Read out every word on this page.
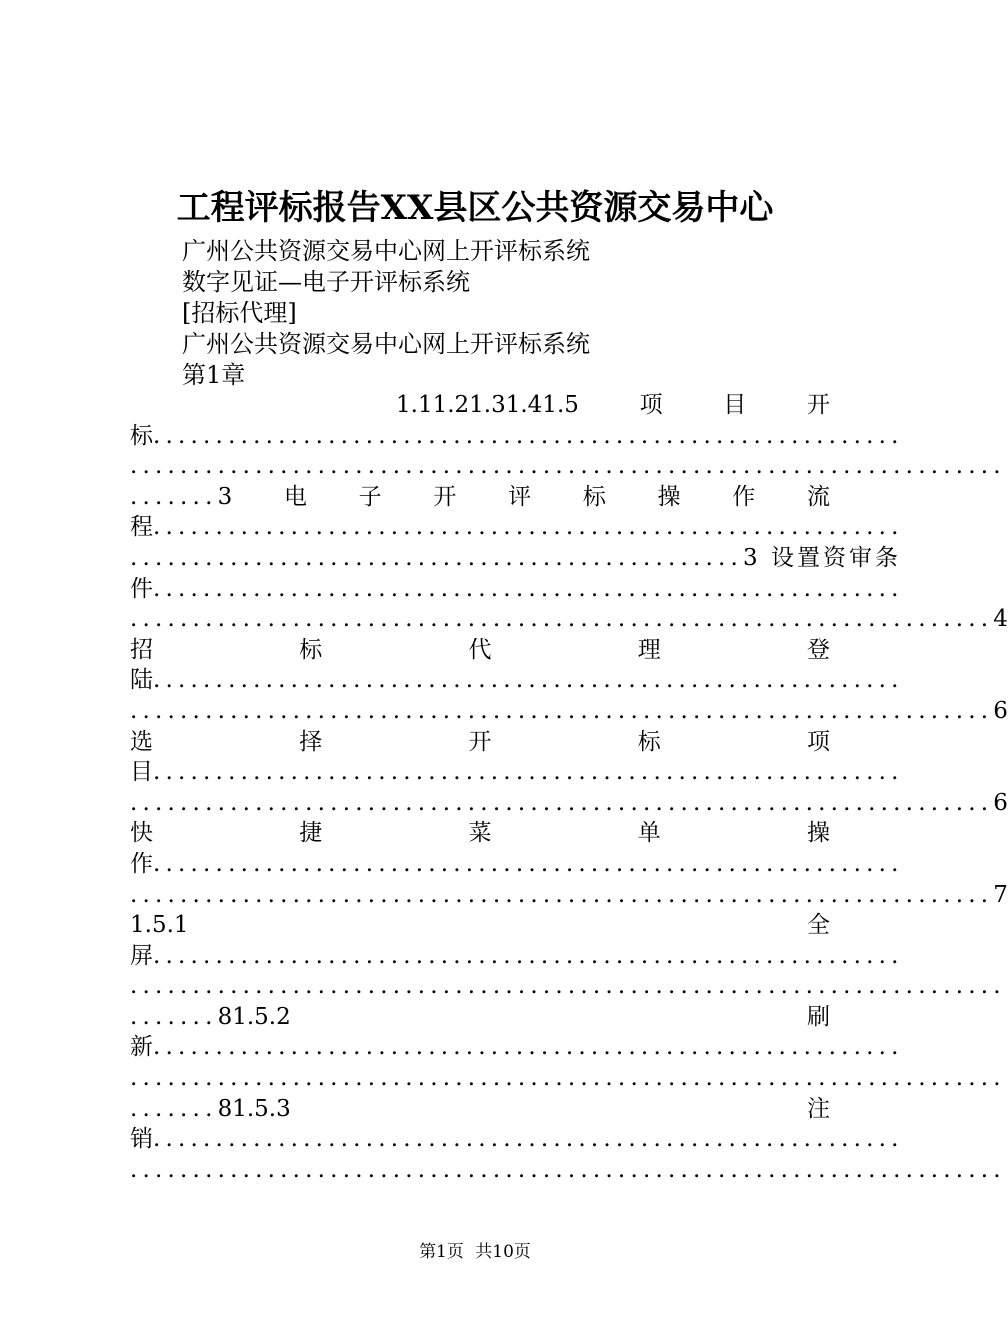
工程评标报告XX县区公共资源交易中心
广州公共资源交易中心网上开评标系统
数字见证—电子开评标系统
[招标代理]
广州公共资源交易中心网上开评标系统
第1章
1.11.21.31.41.5	项	目	开
标............................................................
......................................................................
.......3 电 子 开 评 标 操 作 流
程............................................................
................................................. 3 设置资审条
件............................................................
..................................................................... 4
招	标	代	理	登
陆............................................................
..................................................................... 6
选	择	开	标	项
目............................................................
..................................................................... 6
快	捷	菜	单	操
作............................................................
..................................................................... 7
1.5.1	全
屏............................................................
......................................................................
.......81.5.2	刷
新............................................................
......................................................................
.......81.5.3	注
销............................................................
......................................................................
第1页 共10页
